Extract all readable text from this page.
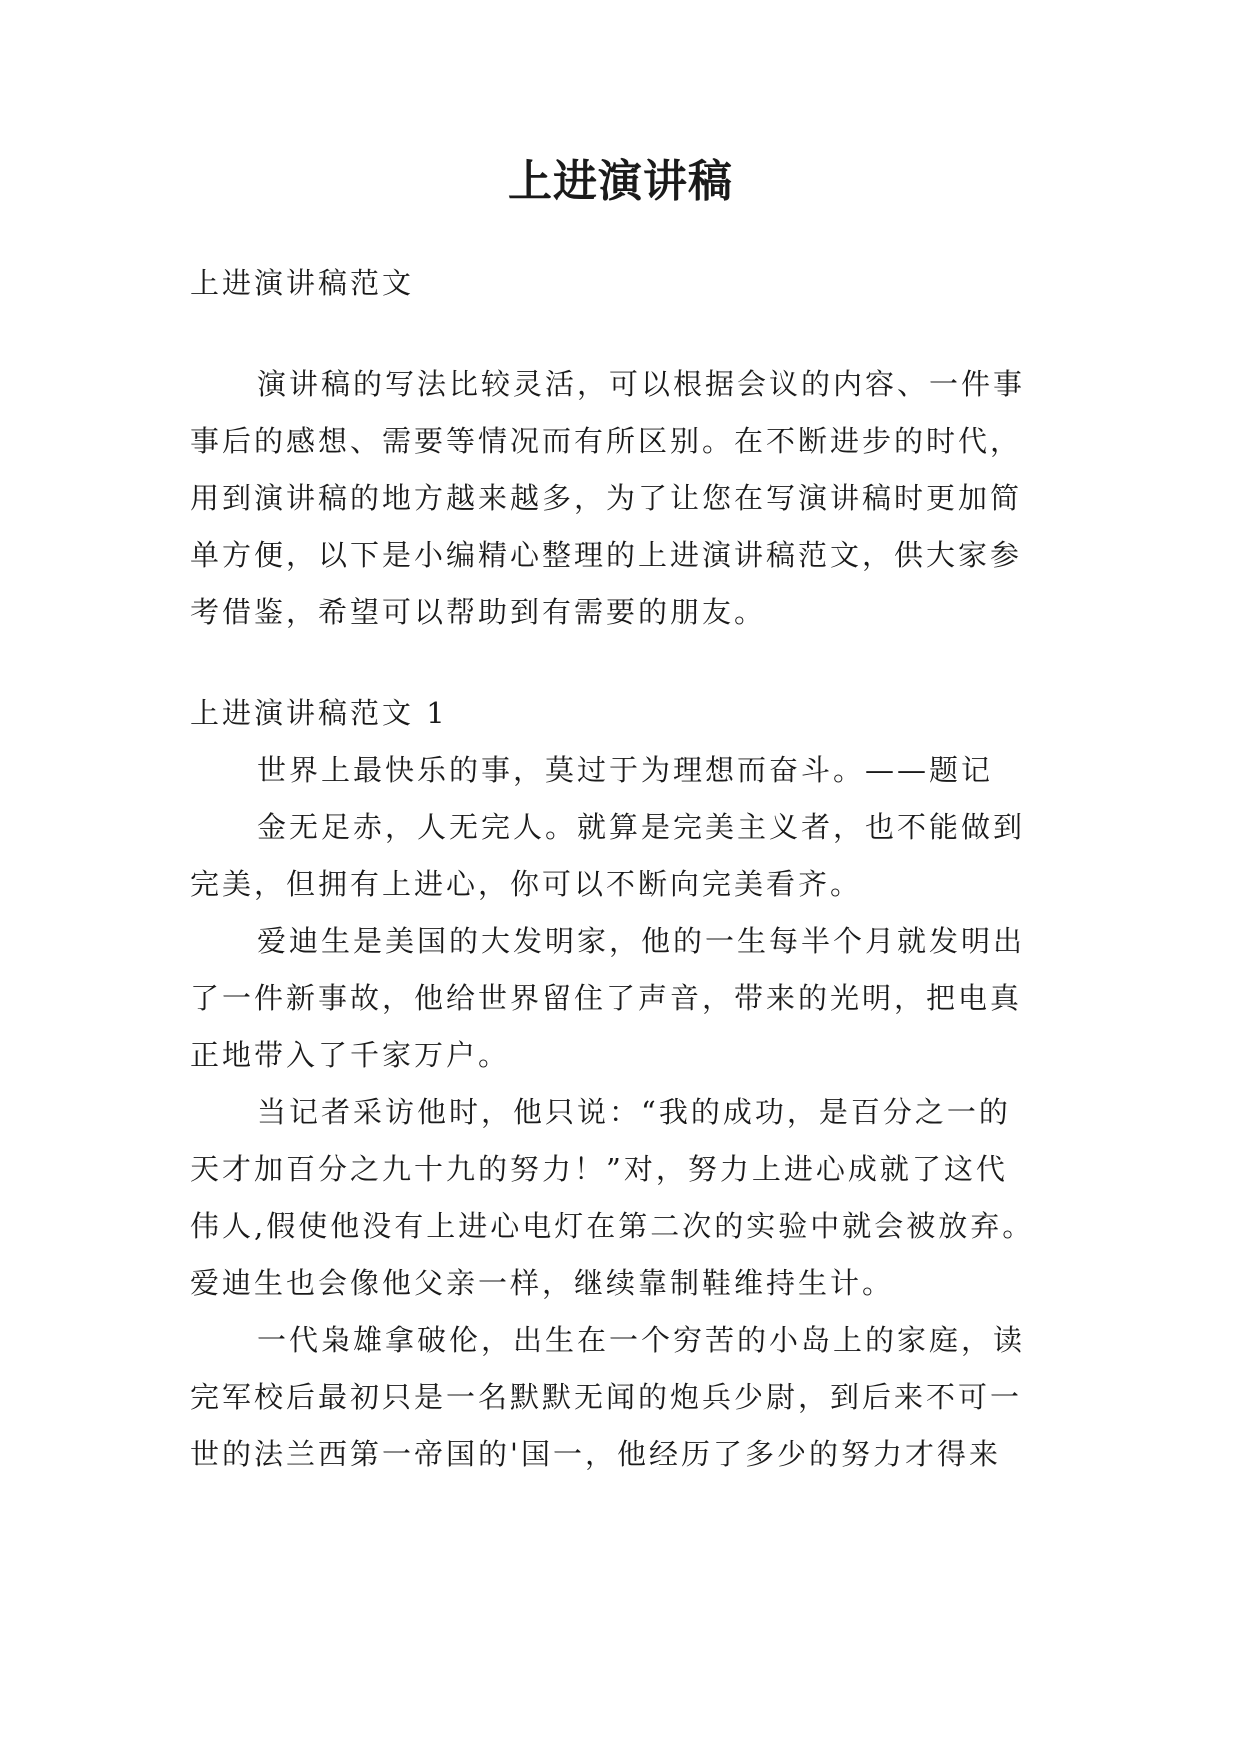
上进演讲稿
上进演讲稿范文
演讲稿的写法比较灵活，可以根据会议的内容、一件事
事后的感想、需要等情况而有所区别。在不断进步的时代，
用到演讲稿的地方越来越多，为了让您在写演讲稿时更加简
单方便，以下是小编精心整理的上进演讲稿范文，供大家参
考借鉴，希望可以帮助到有需要的朋友。
上进演讲稿范文 1
世界上最快乐的事，莫过于为理想而奋斗。——题记
金无足赤，人无完人。就算是完美主义者，也不能做到
完美，但拥有上进心，你可以不断向完美看齐。
爱迪生是美国的大发明家，他的一生每半个月就发明出
了一件新事故，他给世界留住了声音，带来的光明，把电真
正地带入了千家万户。
当记者采访他时，他只说：“我的成功，是百分之一的
天才加百分之九十九的努力！”对，努力上进心成就了这代
伟人,假使他没有上进心电灯在第二次的实验中就会被放弃。
爱迪生也会像他父亲一样，继续靠制鞋维持生计。
一代枭雄拿破伦，出生在一个穷苦的小岛上的家庭，读
完军校后最初只是一名默默无闻的炮兵少尉，到后来不可一
世的法兰西第一帝国的'国一，他经历了多少的努力才得来
